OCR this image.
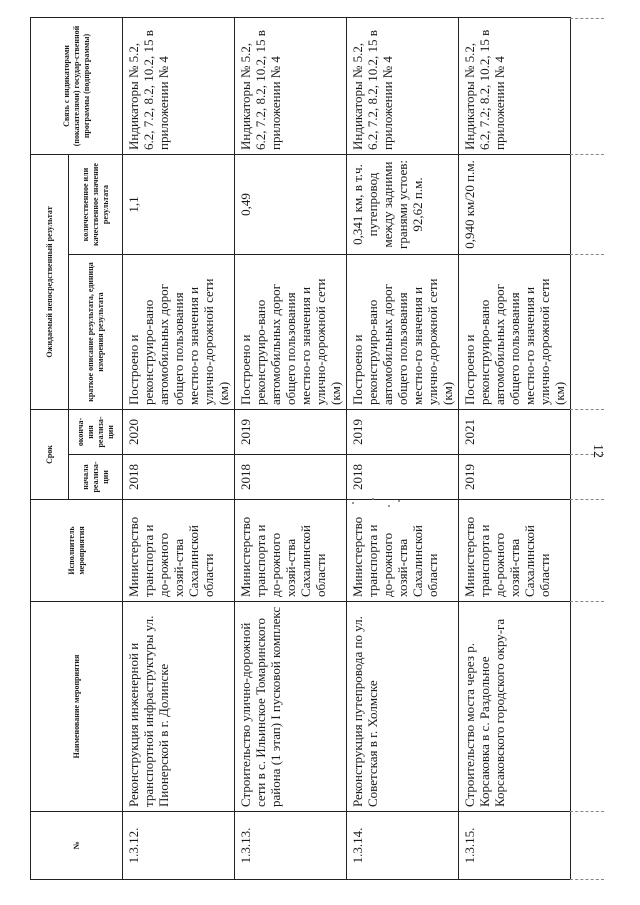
№	Наименование мероприятия	Исполнитель мероприятия	Срок		Ожидаемый непосредственный результат		Связь с индикаторами (показателями) государ-ственной программы (подпрограммы)
			начала реализа-ции	оконча-ния реализа-ции	краткое описание результата, единица измерения результата	количественное или качественное значение результата	
1.3.12.	Реконструкция инженерной и транспортной инфраструктуры ул. Пионерской в г. Долинске	Министерство транспорта и до-рожного хозяй-ства Сахалинской области	2018	2020	Построено и реконструиро-вано автомобильных дорог общего пользования местно-го значения и улично-дорожной сети (км)	1,1	Индикаторы № 5.2, 6.2, 7.2, 8.2, 10.2, 15 в приложении № 4
1.3.13.	Строительство улично-дорожной сети в с. Ильинское Томаринского района (1 этап) I пусковой комплекс	Министерство транспорта и до-рожного хозяй-ства Сахалинской области	2018	2019	Построено и реконструиро-вано автомобильных дорог общего пользования местно-го значения и улично-дорожной сети (км)	0,49	Индикаторы № 5.2, 6.2, 7.2, 8.2, 10.2, 15 в приложении № 4
1.3.14.	Реконструкция путепровода по ул. Советская в г. Холмске	Министерство транспорта и до-рожного хозяй-ства Сахалинской области	2018	2019	Построено и реконструиро-вано автомобильных дорог общего пользования местно-го значения и улично-дорожной сети (км)	0,341 км, в т.ч. путепровод между задними гранями устоев: 92,62 п.м.	Индикаторы № 5.2, 6.2, 7.2, 8.2, 10.2, 15 в приложении № 4
1.3.15.	Строительство моста через р. Корсаковка в с. Раздольное Корсаковского городского окру-га	Министерство транспорта и до-рожного хозяй-ства Сахалинской области	2019	2021	Построено и реконструиро-вано автомобильных дорог общего пользования местно-го значения и улично-дорожной сети (км)	0,940 км/20 п.м.	Индикаторы № 5.2, 6.2, 7.2; 8.2, 10.2, 15 в приложении № 4
12
